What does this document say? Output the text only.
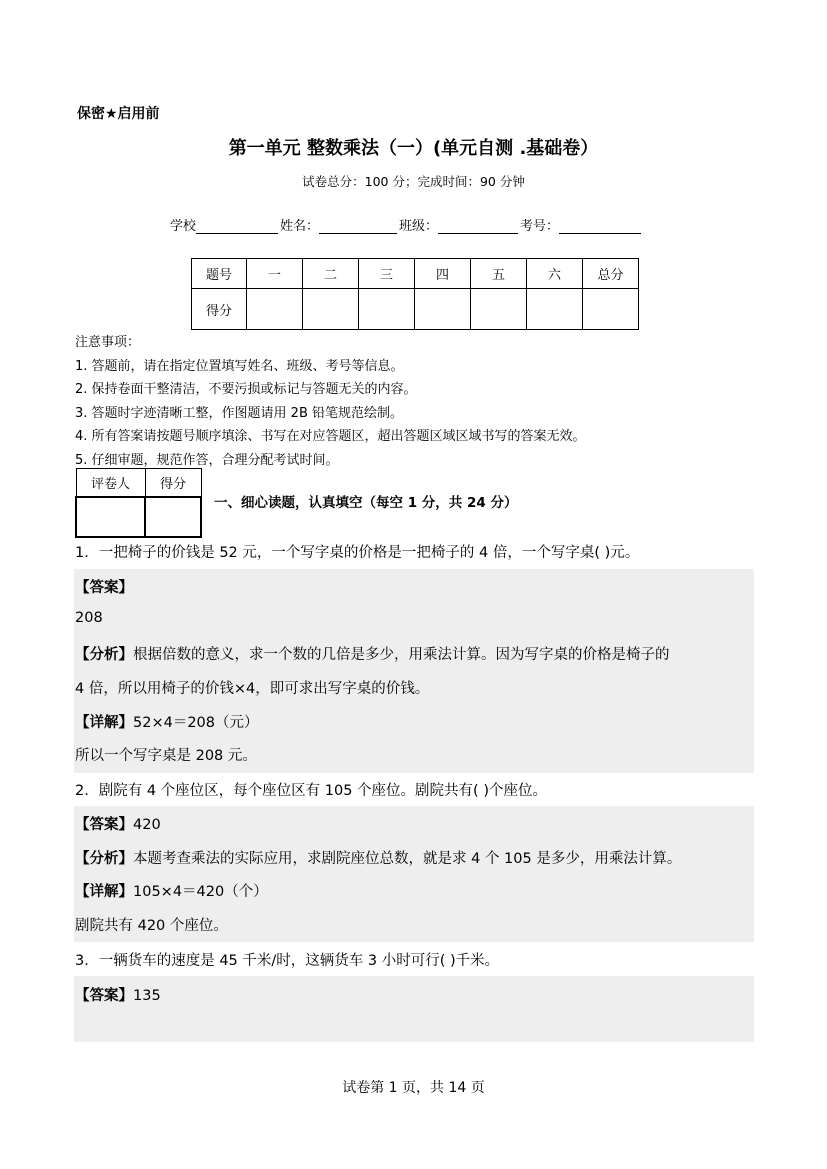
保密★启用前
第一单元 整数乘法（一）(单元自测 .基础卷）
试卷总分：100 分；完成时间：90 分钟
学校	姓名：	班级：	考号：
题号	一	二	三	四	五	六	总分
得分							
注意事项：
1. 答题前，请在指定位置填写姓名、班级、考号等信息。
2. 保持卷面干整清洁，不要污损或标记与答题无关的内容。
3. 答题时字迹清晰工整，作图题请用 2B 铅笔规范绘制。
4. 所有答案请按题号顺序填涂、书写在对应答题区，超出答题区域区域书写的答案无效。
5. 仔细审题，规范作答，合理分配考试时间。
评卷人	得分

一、细心读题，认真填空（每空 1 分，共 24 分）
1．一把椅子的价钱是 52 元，一个写字桌的价格是一把椅子的 4 倍，一个写字桌( )元。
【答案】
208
【分析】根据倍数的意义，求一个数的几倍是多少，用乘法计算。因为写字桌的价格是椅子的
4 倍，所以用椅子的价钱×4，即可求出写字桌的价钱。
【详解】52×4＝208（元）
所以一个写字桌是 208 元。
2．剧院有 4 个座位区，每个座位区有 105 个座位。剧院共有( )个座位。
【答案】420
【分析】本题考查乘法的实际应用，求剧院座位总数，就是求 4 个 105 是多少，用乘法计算。
【详解】105×4＝420（个）
剧院共有 420 个座位。
3．一辆货车的速度是 45 千米/时，这辆货车 3 小时可行( )千米。
【答案】135
试卷第 1 页，共 14 页
